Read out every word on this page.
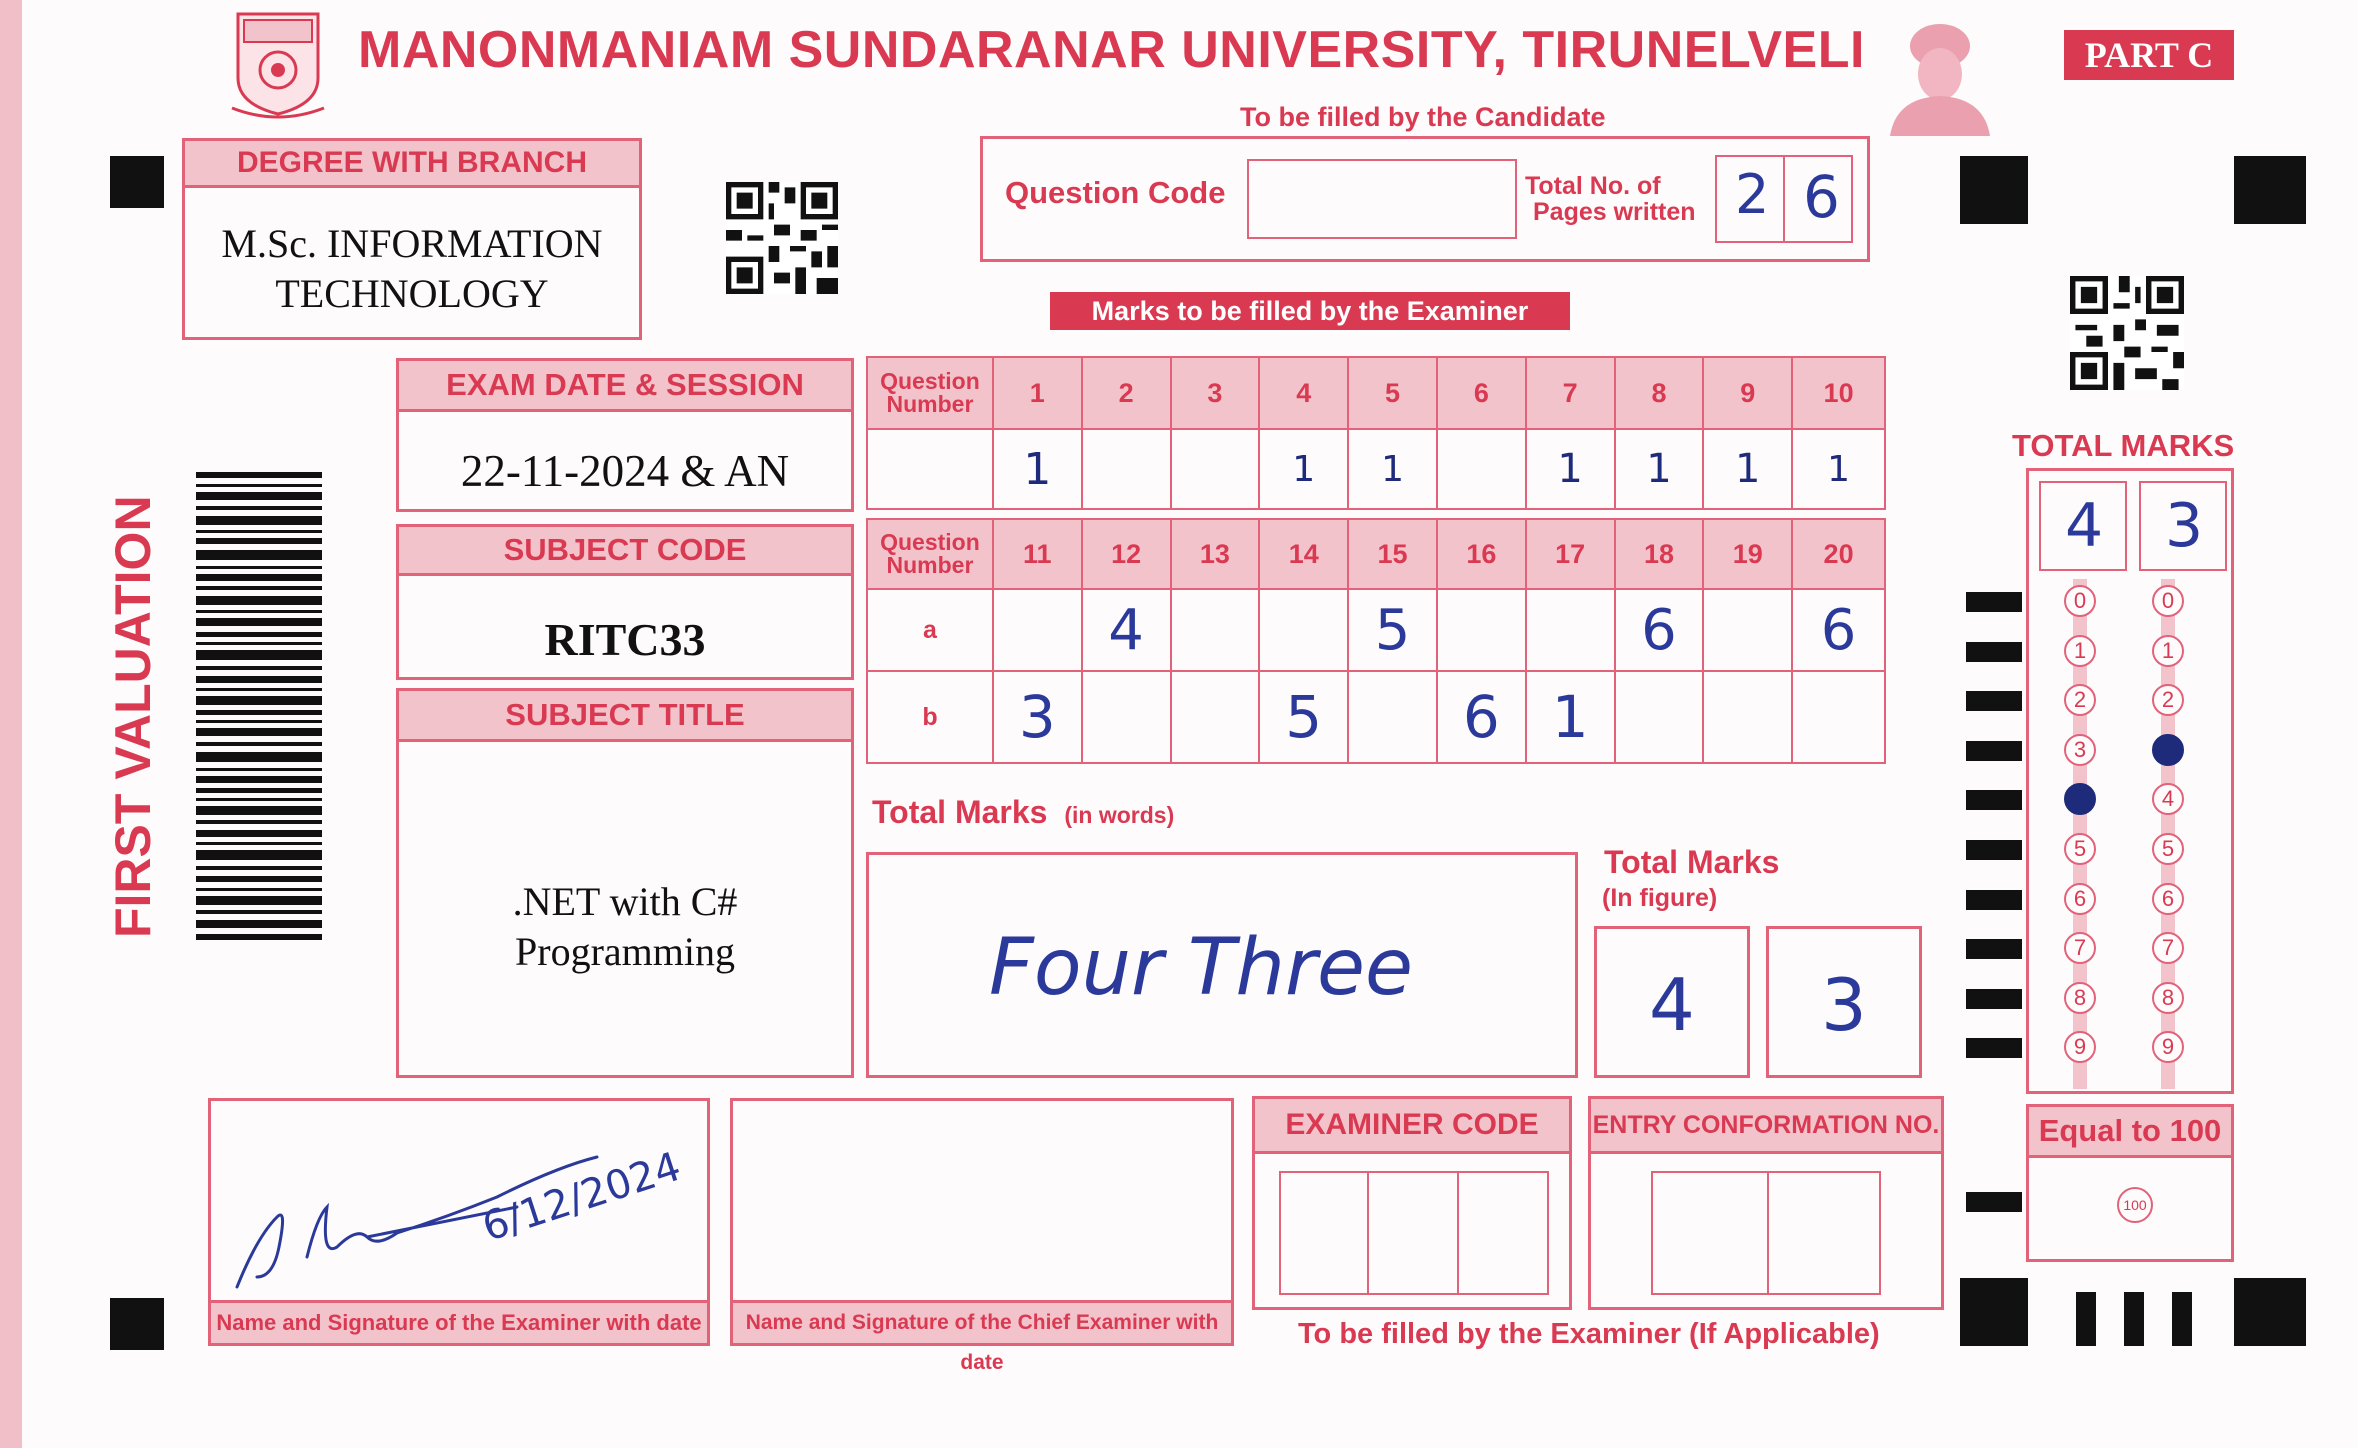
MANONMANIAM SUNDARANAR UNIVERSITY, TIRUNELVELI	PART C
To be filled by the Candidate
DEGREE WITH BRANCH
M.Sc. INFORMATION
TECHNOLOGY
Question Code	Total No. of
Pages written 2 6
Marks to be filled by the Examiner
EXAM DATE & SESSION
22-11-2024 & AN
SUBJECT CODE
RITC33
SUBJECT TITLE
.NET with C#
Programming
FIRST VALUATION
Question
Number	1	2	3	4	5	6	7	8	9	10
	1			1	1		1	1	1	1

Question
Number	11	12	13	14	15	16	17	18	19	20
a		4			5			6		6
b	3			5		6	1			
Total Marks (in words)
Four Three
Total Marks
(In figure)
4 3
TOTAL MARKS
4 3
0
1
2
3
4
5
6
7
8
9
0
1
2
3
4
5
6
7
8
9
Equal to 100
100
6/12/2024
Name and Signature of the Examiner with date	Name and Signature of the Chief Examiner with date
EXAMINER CODE	ENTRY CONFORMATION NO.
To be filled by the Examiner (If Applicable)
